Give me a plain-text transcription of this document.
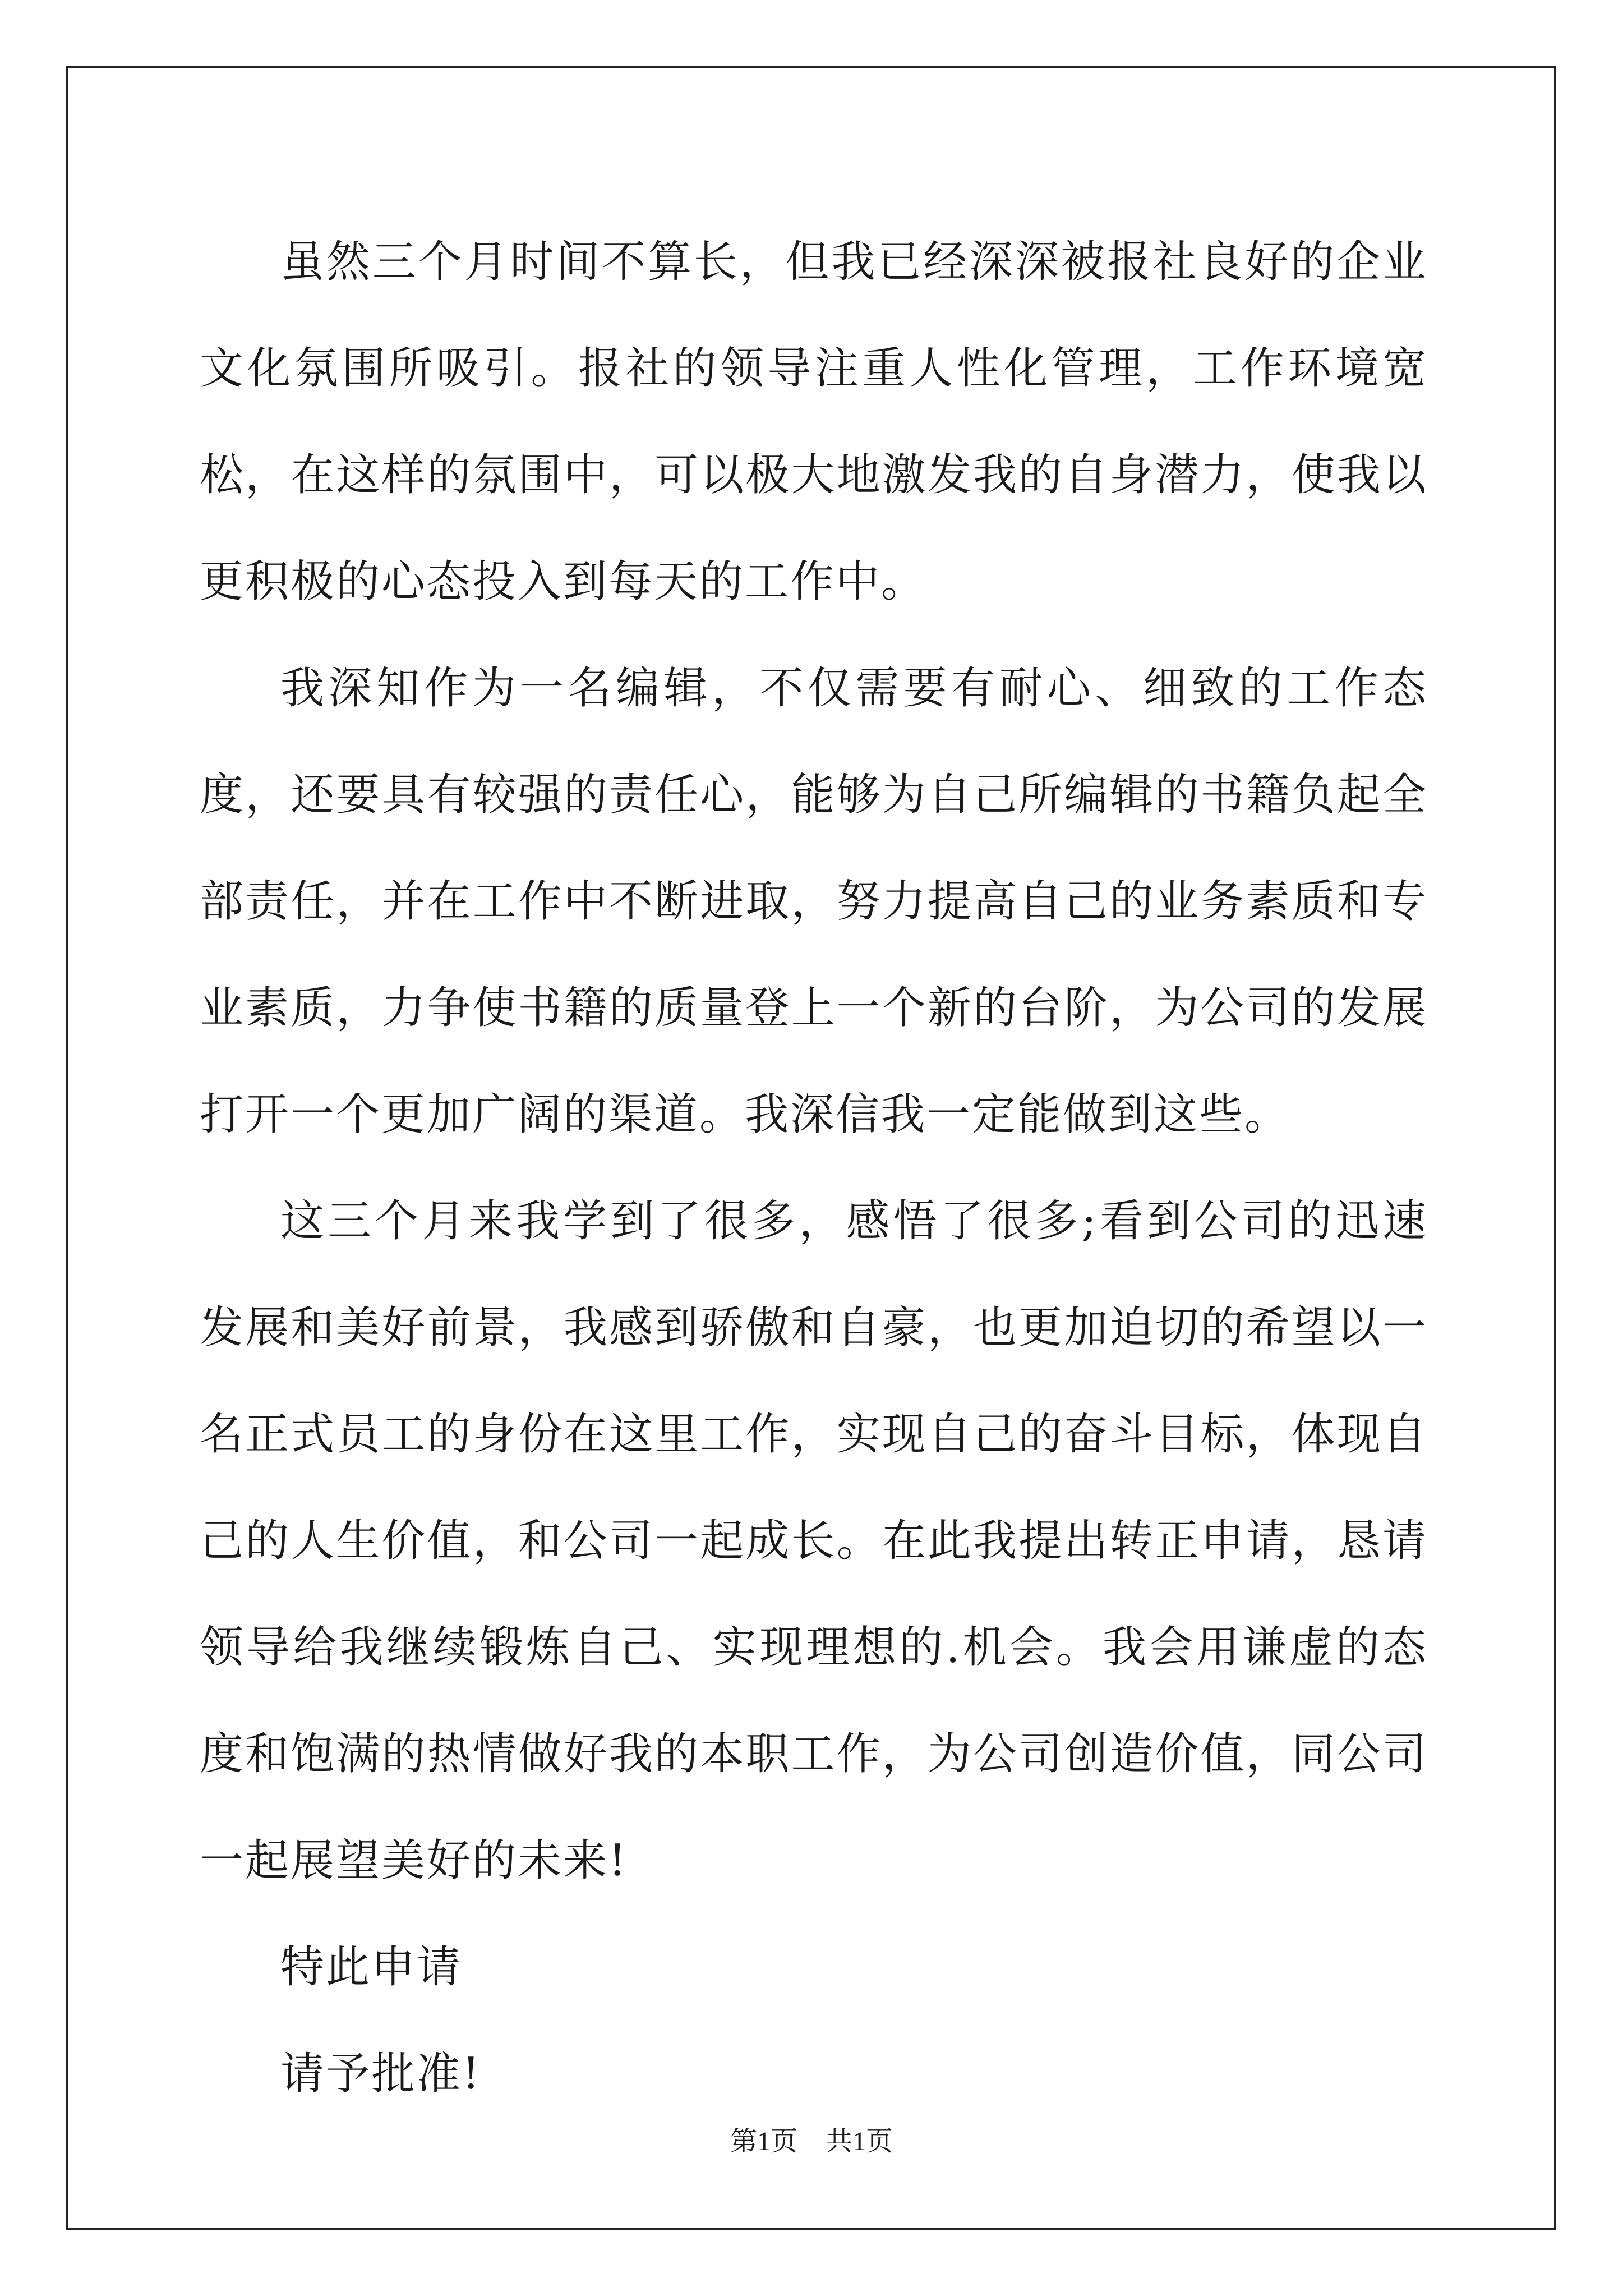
虽然三个月时间不算长，但我已经深深被报社良好的企业文化氛围所吸引。报社的领导注重人性化管理，工作环境宽松，在这样的氛围中，可以极大地激发我的自身潜力，使我以更积极的心态投入到每天的工作中。

我深知作为一名编辑，不仅需要有耐心、细致的工作态度，还要具有较强的责任心，能够为自己所编辑的书籍负起全部责任，并在工作中不断进取，努力提高自己的业务素质和专业素质，力争使书籍的质量登上一个新的台阶，为公司的发展打开一个更加广阔的渠道。我深信我一定能做到这些。

这三个月来我学到了很多，感悟了很多;看到公司的迅速发展和美好前景，我感到骄傲和自豪，也更加迫切的希望以一名正式员工的身份在这里工作，实现自己的奋斗目标，体现自己的人生价值，和公司一起成长。在此我提出转正申请，恳请领导给我继续锻炼自己、实现理想的.机会。我会用谦虚的态度和饱满的热情做好我的本职工作，为公司创造价值，同公司一起展望美好的未来!

特此申请

请予批准!

第1页 共1页
